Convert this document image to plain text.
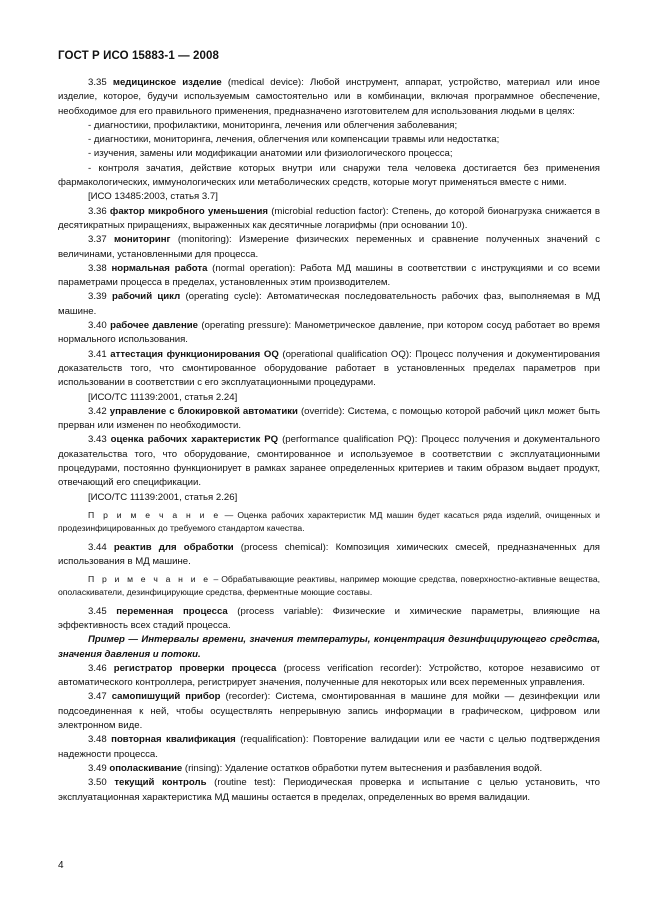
ГОСТ Р ИСО 15883-1 — 2008

3.35 медицинское изделие (medical device): Любой инструмент, аппарат, устройство, материал или иное изделие, которое, будучи используемым самостоятельно или в комбинации, включая программное обеспечение, необходимое для его правильного применения, предназначено изготовителем для использования людьми в целях:

- диагностики, профилактики, мониторинга, лечения или облегчения заболевания;

- диагностики, мониторинга, лечения, облегчения или компенсации травмы или недостатка;

- изучения, замены или модификации анатомии или физиологического процесса;

- контроля зачатия, действие которых внутри или снаружи тела человека достигается без применения фармакологических, иммунологических или метаболических средств, которые могут применяться вместе с ними.

[ИСО 13485:2003, статья 3.7]

3.36 фактор микробного уменьшения (microbial reduction factor): Степень, до которой бионагрузка снижается в десятикратных приращениях, выраженных как десятичные логарифмы (при основании 10).

3.37 мониторинг (monitoring): Измерение физических переменных и сравнение полученных значений с величинами, установленными для процесса.

3.38 нормальная работа (normal operation): Работа МД машины в соответствии с инструкциями и со всеми параметрами процесса в пределах, установленных этим производителем.

3.39 рабочий цикл (operating cycle): Автоматическая последовательность рабочих фаз, выполняемая в МД машине.

3.40 рабочее давление (operating pressure): Манометрическое давление, при котором сосуд работает во время нормального использования.

3.41 аттестация функционирования OQ (operational qualification OQ): Процесс получения и документирования доказательств того, что смонтированное оборудование работает в установленных пределах параметров при использовании в соответствии с его эксплуатационными процедурами.

[ИСО/ТС 11139:2001, статья 2.24]

3.42 управление с блокировкой автоматики (override): Система, с помощью которой рабочий цикл может быть прерван или изменен по необходимости.

3.43 оценка рабочих характеристик PQ (performance qualification PQ): Процесс получения и документального доказательства того, что оборудование, смонтированное и используемое в соответствии с эксплуатационными процедурами, постоянно функционирует в рамках заранее определенных критериев и таким образом выдает продукт, отвечающий его спецификации.

[ИСО/ТС 11139:2001, статья 2.26]

П р и м е ч а н и е — Оценка рабочих характеристик МД машин будет касаться ряда изделий, очищенных и продезинфицированных до требуемого стандартом качества.

3.44 реактив для обработки (process chemical): Композиция химических смесей, предназначенных для использования в МД машине.

П р и м е ч а н и е – Обрабатывающие реактивы, например моющие средства, поверхностно-активные вещества, ополаскиватели, дезинфицирующие средства, ферментные моющие составы.

3.45 переменная процесса (process variable): Физические и химические параметры, влияющие на эффективность всех стадий процесса.

Пример — Интервалы времени, значения температуры, концентрация дезинфицирующего средства, значения давления и потоки.

3.46 регистратор проверки процесса (process verification recorder): Устройство, которое независимо от автоматического контроллера, регистрирует значения, полученные для некоторых или всех переменных управления.

3.47 самопишущий прибор (recorder): Система, смонтированная в машине для мойки — дезинфекции или подсоединенная к ней, чтобы осуществлять непрерывную запись информации в графическом, цифровом или электронном виде.

3.48 повторная квалификация (requalification): Повторение валидации или ее части с целью подтверждения надежности процесса.

3.49 ополаскивание (rinsing): Удаление остатков обработки путем вытеснения и разбавления водой.

3.50 текущий контроль (routine test): Периодическая проверка и испытание с целью установить, что эксплуатационная характеристика МД машины остается в пределах, определенных во время валидации.

4
